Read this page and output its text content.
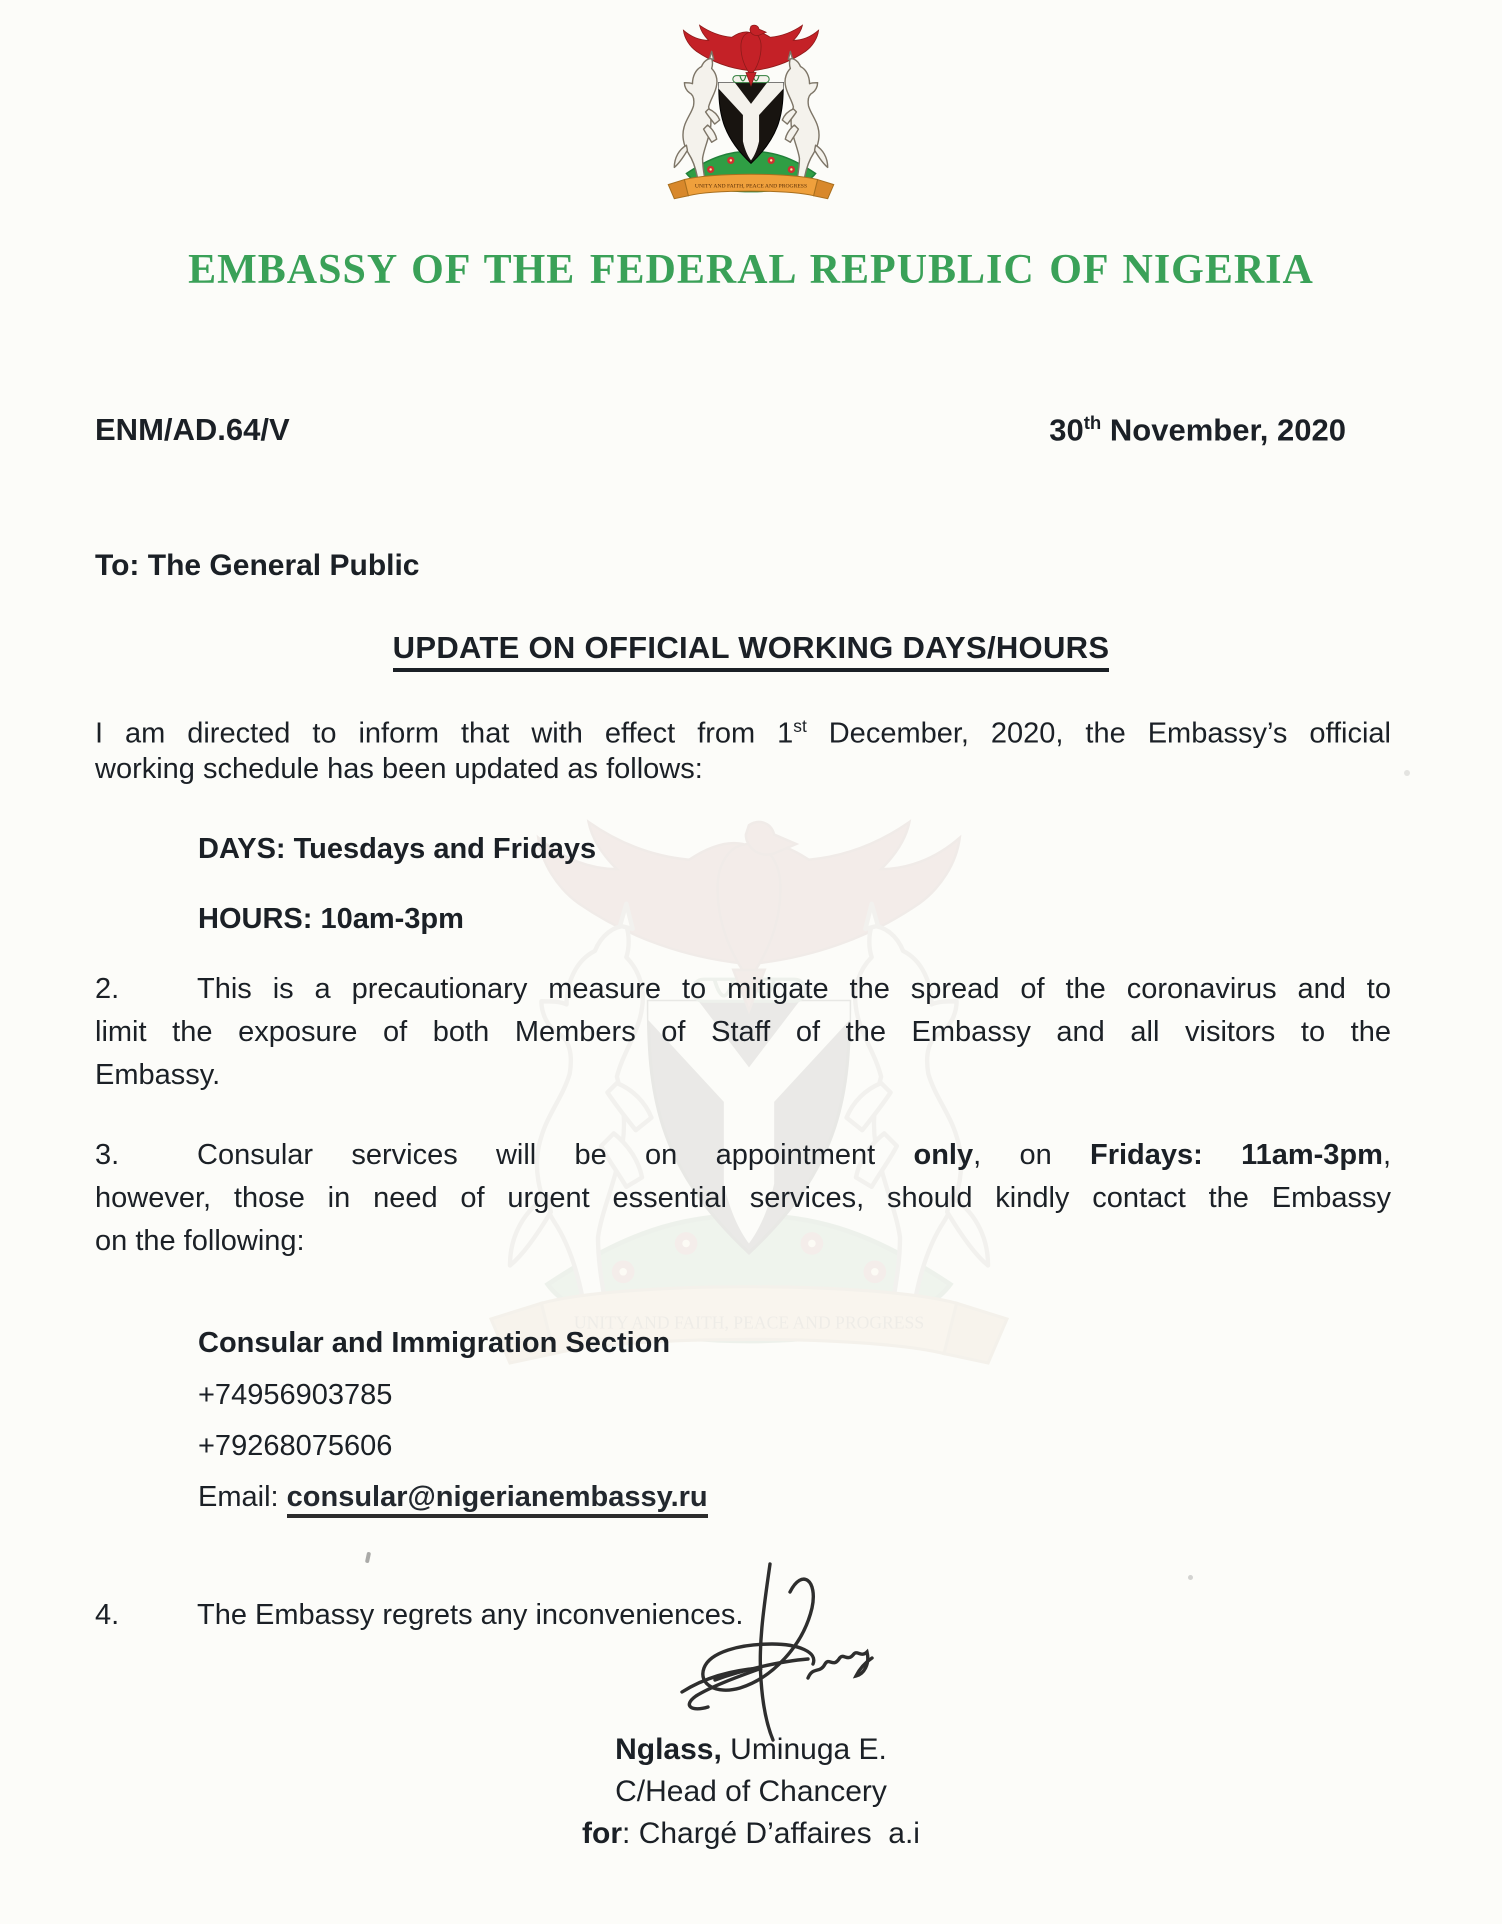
EMBASSY OF THE FEDERAL REPUBLIC OF NIGERIA
ENM/AD.64/V	30th November, 2020
To: The General Public
UPDATE ON OFFICIAL WORKING DAYS/HOURS
I am directed to inform that with effect from 1st December, 2020, the Embassy’s official
working schedule has been updated as follows:
DAYS: Tuesdays and Fridays
HOURS: 10am-3pm
2.	This is a precautionary measure to mitigate the spread of the coronavirus and to
limit the exposure of both Members of Staff of the Embassy and all visitors to the
Embassy.
3.	Consular services will be on appointment only, on Fridays: 11am-3pm,
however, those in need of urgent essential services, should kindly contact the Embassy
on the following:
Consular and Immigration Section
+74956903785
+79268075606
Email: consular@nigerianembassy.ru
4.	The Embassy regrets any inconveniences.
Nglass, Uminuga E.
C/Head of Chancery
for: Chargé D’affaires  a.i
